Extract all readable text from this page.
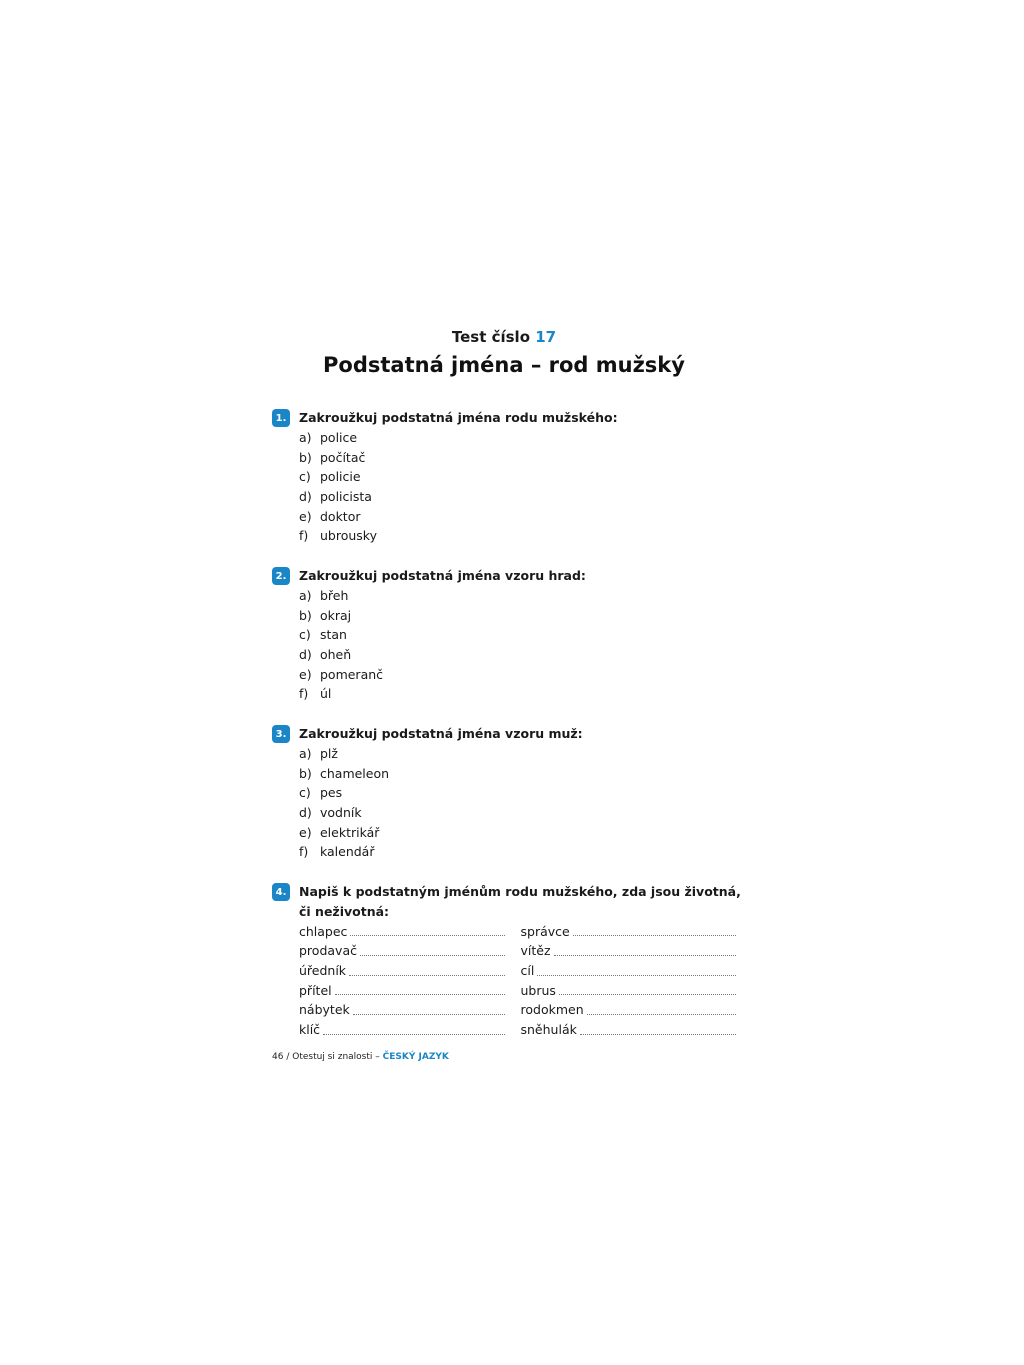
Test číslo 17
Podstatná jména – rod mužský
1. Zakroužkuj podstatná jména rodu mužského:
a) police
b) počítač
c) policie
d) policista
e) doktor
f) ubrousky
2. Zakroužkuj podstatná jména vzoru hrad:
a) břeh
b) okraj
c) stan
d) oheň
e) pomeranč
f) úl
3. Zakroužkuj podstatná jména vzoru muž:
a) plž
b) chameleon
c) pes
d) vodník
e) elektrikář
f) kalendář
4. Napiš k podstatným jménům rodu mužského, zda jsou životná,
či neživotná:
chlapec
prodavač
úředník
přítel
nábytek
klíč
správce
vítěz
cíl
ubrus
rodokmen
sněhulák
46 / Otestuj si znalosti – ČESKÝ JAZYK
